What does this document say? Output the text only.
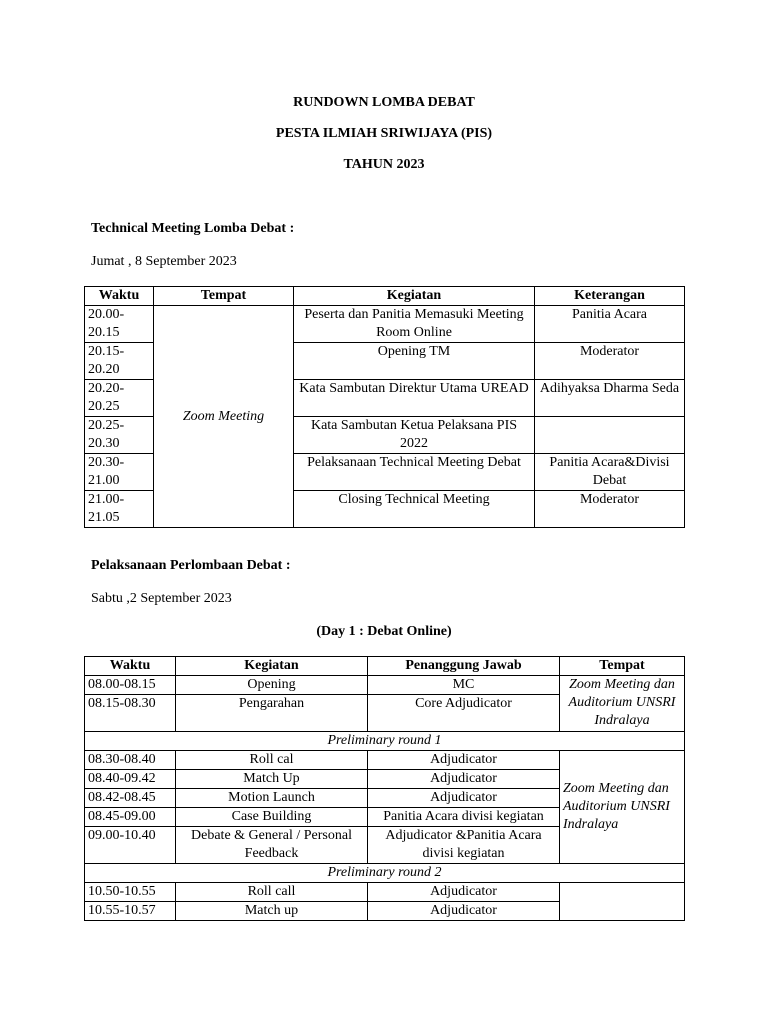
RUNDOWN LOMBA DEBAT
PESTA ILMIAH SRIWIJAYA (PIS)
TAHUN 2023
Technical Meeting Lomba Debat :
Jumat , 8 September 2023
Waktu	Tempat	Kegiatan	Keterangan
20.00-
20.15	Zoom Meeting	Peserta dan Panitia Memasuki Meeting Room Online	Panitia Acara
20.15-
20.20		Opening TM	Moderator
20.20-
20.25		Kata Sambutan Direktur Utama UREAD	Adihyaksa Dharma Seda
20.25-
20.30		Kata Sambutan Ketua Pelaksana PIS 2022	
20.30-
21.00		Pelaksanaan Technical Meeting Debat	Panitia Acara&Divisi Debat
21.00-
21.05		Closing Technical Meeting	Moderator
Pelaksanaan Perlombaan Debat :
Sabtu ,2 September 2023
(Day 1 : Debat Online)
Waktu	Kegiatan	Penanggung Jawab	Tempat
08.00-08.15	Opening	MC	Zoom Meeting dan Auditorium UNSRI Indralaya
08.15-08.30	Pengarahan	Core Adjudicator	
Preliminary round 1			
08.30-08.40	Roll cal	Adjudicator	Zoom Meeting dan Auditorium UNSRI Indralaya
08.40-09.42	Match Up	Adjudicator	
08.42-08.45	Motion Launch	Adjudicator	
08.45-09.00	Case Building	Panitia Acara divisi kegiatan	
09.00-10.40	Debate & General / Personal Feedback	Adjudicator &Panitia Acara divisi kegiatan	
Preliminary round 2			
10.50-10.55	Roll call	Adjudicator	
10.55-10.57	Match up	Adjudicator	
